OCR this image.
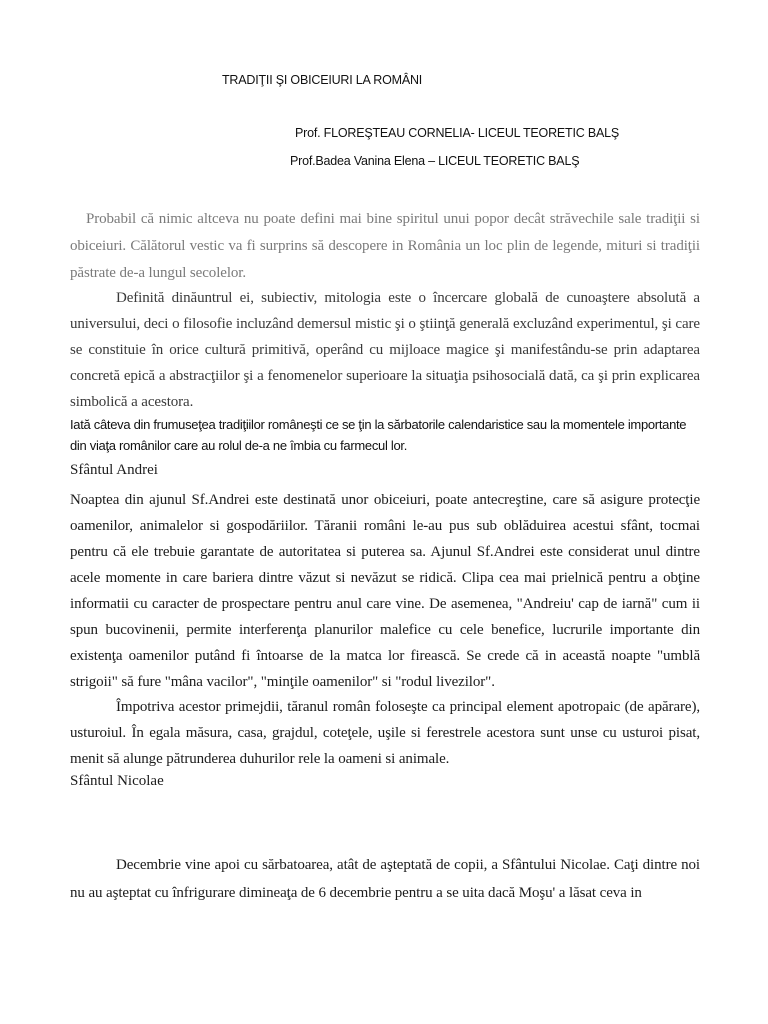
TRADIŢII ŞI OBICEIURI LA ROMÂNI
Prof. FLOREŞTEAU CORNELIA- LICEUL TEORETIC BALŞ
Prof.Badea Vanina Elena – LICEUL TEORETIC BALŞ
Probabil că nimic altceva nu poate defini mai bine spiritul unui popor decât străvechile sale tradiţii si obiceiuri. Călătorul vestic va fi surprins să descopere in România un loc plin de legende, mituri si tradiţii păstrate de-a lungul secolelor.
Definită dinăuntrul ei, subiectiv, mitologia este o încercare globală de cunoaştere absolută a universului, deci o filosofie incluzând demersul mistic şi o ştiinţă generală excluzând experimentul, şi care se constituie în orice cultură primitivă, operând cu mijloace magice şi manifestându-se prin adaptarea concretă epică a abstracţiilor şi a fenomenelor superioare la situaţia psihosocială dată, ca şi prin explicarea simbolică a acestora.
Iată câteva din frumuseţea tradiţiilor româneşti ce se ţin la sărbatorile calendaristice sau la momentele importante din viaţa românilor care au rolul de-a ne îmbia cu farmecul lor.
Sfântul Andrei
Noaptea din ajunul Sf.Andrei este destinată unor obiceiuri, poate antecreştine, care să asigure protecţie oamenilor, animalelor si gospodăriilor. Tăranii români le-au pus sub oblăduirea acestui sfânt, tocmai pentru că ele trebuie garantate de autoritatea si puterea sa. Ajunul Sf.Andrei este considerat unul dintre acele momente in care bariera dintre văzut si nevăzut se ridică. Clipa cea mai prielnică pentru a obţine informatii cu caracter de prospectare pentru anul care vine. De asemenea, "Andreiu' cap de iarnă" cum ii spun bucovinenii, permite interferenţa planurilor malefice cu cele benefice, lucrurile importante din existenţa oamenilor putând fi întoarse de la matca lor firească. Se crede că in această noapte "umblă strigoii" să fure "mâna vacilor", "minţile oamenilor" si "rodul livezilor".
Împotriva acestor primejdii, tăranul român foloseşte ca principal element apotropaic (de apărare), usturoiul. În egala măsura, casa, grajdul, coteţele, uşile si ferestrele acestora sunt unse cu usturoi pisat, menit să alunge pătrunderea duhurilor rele la oameni si animale.
Sfântul Nicolae
Decembrie vine apoi cu sărbatoarea, atât de aşteptată de copii, a Sfântului Nicolae. Caţi dintre noi nu au aşteptat cu înfrigurare dimineaţa de 6 decembrie pentru a se uita dacă Moşu' a lăsat ceva in
